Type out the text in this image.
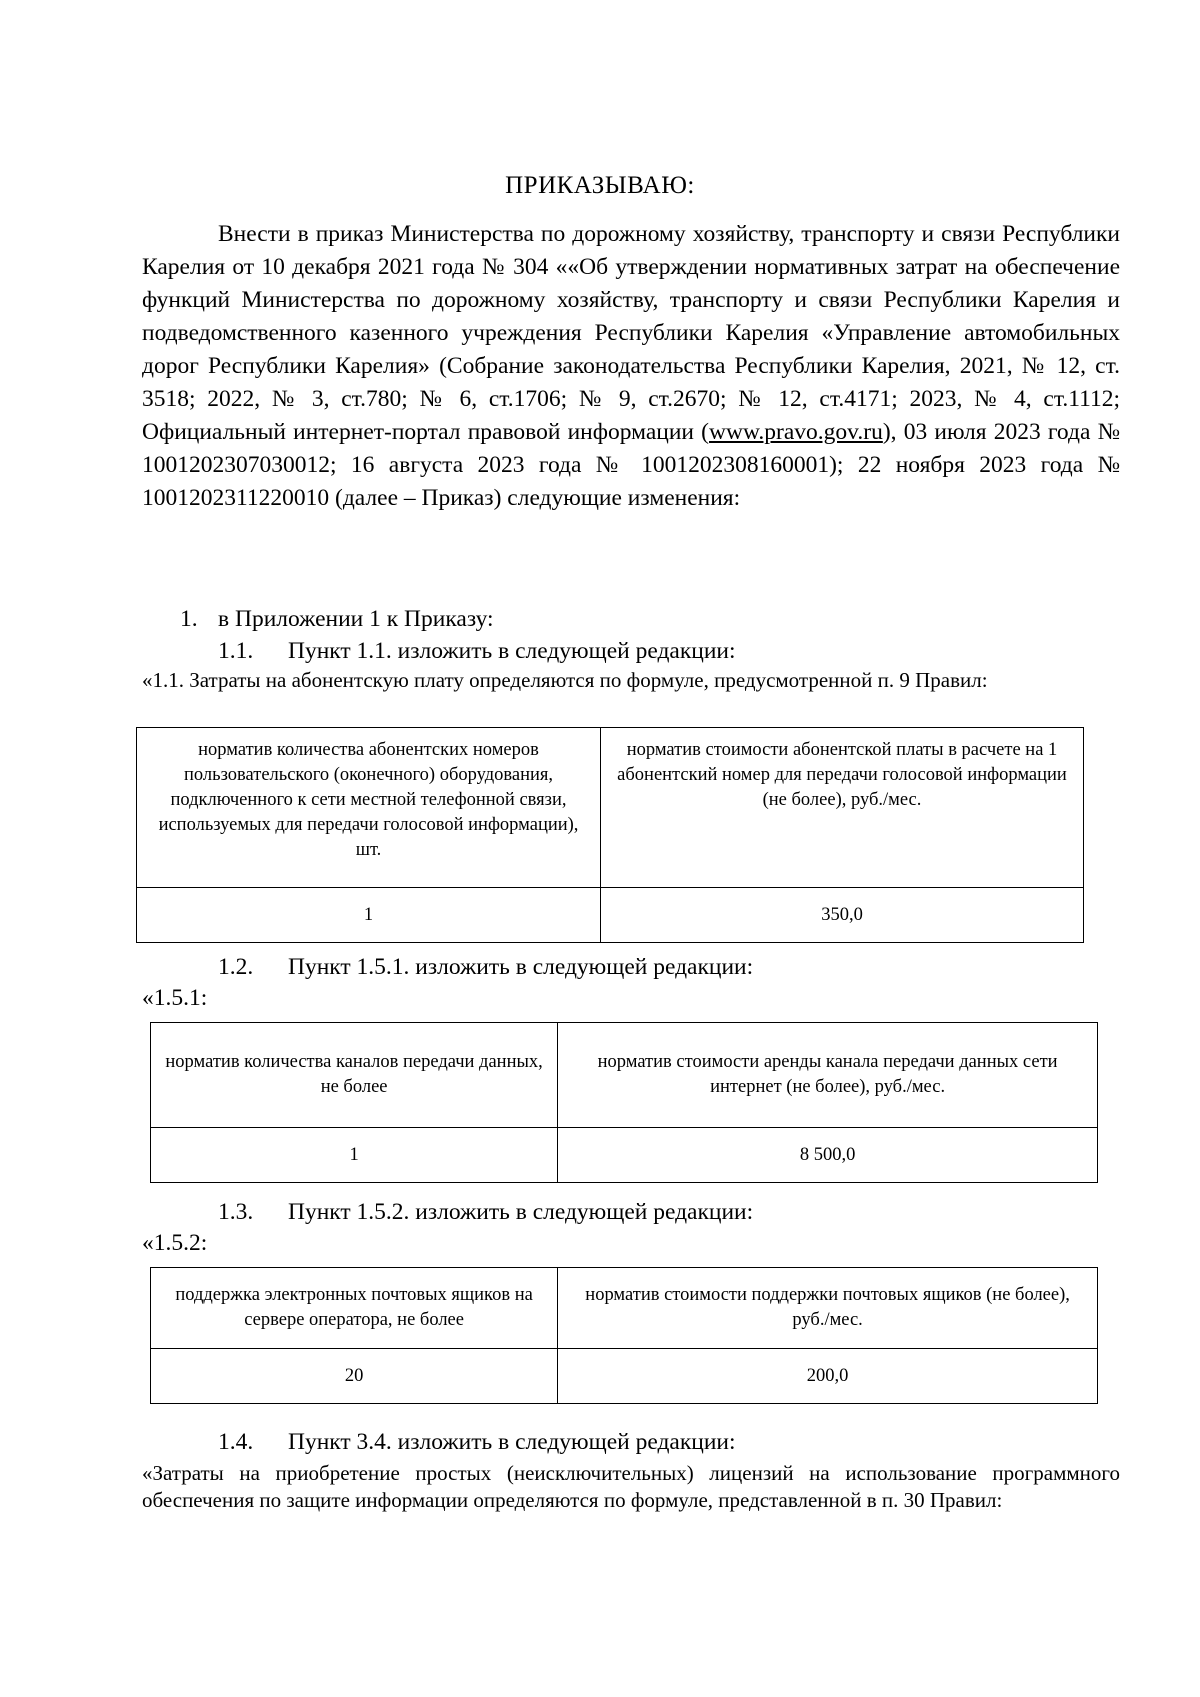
ПРИКАЗЫВАЮ:
Внести в приказ Министерства по дорожному хозяйству, транспорту и связи Республики Карелия от 10 декабря 2021 года № 304 ««Об утверждении нормативных затрат на обеспечение функций Министерства по дорожному хозяйству, транспорту и связи Республики Карелия и подведомственного казенного учреждения Республики Карелия «Управление автомобильных дорог Республики Карелия» (Собрание законодательства Республики Карелия, 2021, № 12, ст. 3518; 2022, № 3, ст.780; № 6, ст.1706; № 9, ст.2670; № 12, ст.4171; 2023, № 4, ст.1112; Официальный интернет-портал правовой информации (www.pravo.gov.ru), 03 июля 2023 года № 1001202307030012; 16 августа 2023 года № 1001202308160001); 22 ноября 2023 года № 1001202311220010 (далее – Приказ) следующие изменения:
1. в Приложении 1 к Приказу:
1.1. Пункт 1.1. изложить в следующей редакции:
«1.1. Затраты на абонентскую плату определяются по формуле, предусмотренной п. 9 Правил:
норматив количества абонентских номеров пользовательского (оконечного) оборудования, подключенного к сети местной телефонной связи, используемых для передачи голосовой информации), шт.	норматив стоимости абонентской платы в расчете на 1 абонентский номер для передачи голосовой информации (не более), руб./мес.
1	350,0
1.2. Пункт 1.5.1. изложить в следующей редакции:
«1.5.1:
норматив количества каналов передачи данных, не более	норматив стоимости аренды канала передачи данных сети интернет (не более), руб./мес.
1	8 500,0
1.3. Пункт 1.5.2. изложить в следующей редакции:
«1.5.2:
поддержка электронных почтовых ящиков на сервере оператора, не более	норматив стоимости поддержки почтовых ящиков (не более), руб./мес.
20	200,0
1.4. Пункт 3.4. изложить в следующей редакции:
«Затраты на приобретение простых (неисключительных) лицензий на использование программного обеспечения по защите информации определяются по формуле, представленной в п. 30 Правил:
